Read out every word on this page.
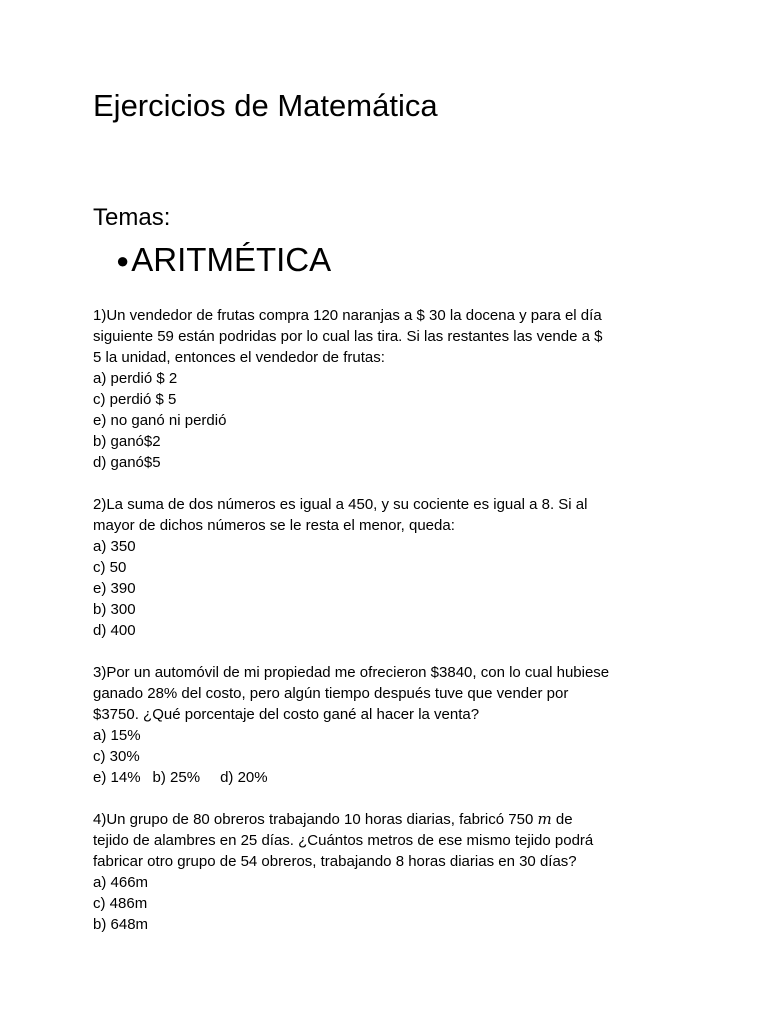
Ejercicios de Matemática
Temas:
● ARITMÉTICA
1)Un vendedor de frutas compra 120 naranjas a $ 30 la docena y para el día
siguiente 59 están podridas por lo cual las tira. Si las restantes las vende a $
5 la unidad, entonces el vendedor de frutas:
a) perdió $ 2
c) perdió $ 5
e) no ganó ni perdió
b) ganó$2
d) ganó$5
2)La suma de dos números es igual a 450, y su cociente es igual a 8. Si al
mayor de dichos números se le resta el menor, queda:
a) 350
c) 50
e) 390
b) 300
d) 400
3)Por un automóvil de mi propiedad me ofrecieron $3840, con lo cual hubiese
ganado 28% del costo, pero algún tiempo después tuve que vender por
$3750. ¿Qué porcentaje del costo gané al hacer la venta?
a) 15%
c) 30%
e) 14% b) 25% d) 20%
4)Un grupo de 80 obreros trabajando 10 horas diarias, fabricó 750 m de
tejido de alambres en 25 días. ¿Cuántos metros de ese mismo tejido podrá
fabricar otro grupo de 54 obreros, trabajando 8 horas diarias en 30 días?
a) 466m
c) 486m
b) 648m
